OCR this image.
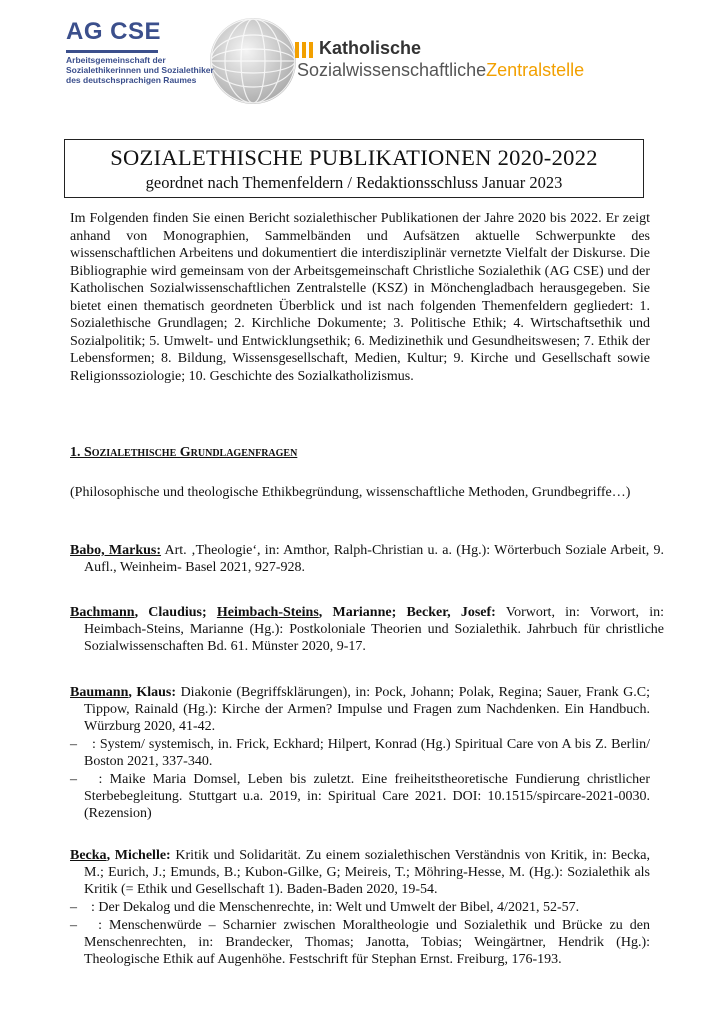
AG CSE
Arbeitsgemeinschaft der
Sozialethikerinnen und Sozialethiker
des deutschsprachigen Raumes
Katholische
SozialwissenschaftlicheZentralstelle
SOZIALETHISCHE PUBLIKATIONEN 2020-2022
geordnet nach Themenfeldern / Redaktionsschluss Januar 2023
Im Folgenden finden Sie einen Bericht sozialethischer Publikationen der Jahre 2020 bis 2022. Er zeigt anhand von Monographien, Sammelbänden und Aufsätzen aktuelle Schwerpunkte des wissenschaftlichen Arbeitens und dokumentiert die interdisziplinär vernetzte Vielfalt der Diskurse. Die Bibliographie wird gemeinsam von der Arbeitsgemeinschaft Christliche Sozialethik (AG CSE) und der Katholischen Sozialwissenschaftlichen Zentralstelle (KSZ) in Mönchengladbach herausgegeben. Sie bietet einen thematisch geordneten Überblick und ist nach folgenden Themenfeldern gegliedert: 1. Sozialethische Grundlagen; 2. Kirchliche Dokumente; 3. Politische Ethik; 4. Wirtschaftsethik und Sozialpolitik; 5. Umwelt- und Entwicklungsethik; 6. Medizinethik und Gesundheitswesen; 7. Ethik der Lebensformen; 8. Bildung, Wissensgesellschaft, Medien, Kultur; 9. Kirche und Gesellschaft sowie Religionssoziologie; 10. Geschichte des Sozialkatholizismus.
1. Sozialethische Grundlagenfragen
(Philosophische und theologische Ethikbegründung, wissenschaftliche Methoden, Grundbegriffe…)
Babo, Markus: Art. ‚Theologie‘, in: Amthor, Ralph-Christian u. a. (Hg.): Wörterbuch Soziale Arbeit, 9. Aufl., Weinheim- Basel 2021, 927-928.
Bachmann, Claudius; Heimbach-Steins, Marianne; Becker, Josef: Vorwort, in: Vorwort, in: Heimbach-Steins, Marianne (Hg.): Postkoloniale Theorien und Sozialethik. Jahrbuch für christliche Sozialwissenschaften Bd. 61. Münster 2020, 9-17.
Baumann, Klaus: Diakonie (Begriffsklärungen), in: Pock, Johann; Polak, Regina; Sauer, Frank G.C; Tippow, Rainald (Hg.): Kirche der Armen? Impulse und Fragen zum Nachdenken. Ein Handbuch. Würzburg 2020, 41-42.
– : System/ systemisch, in. Frick, Eckhard; Hilpert, Konrad (Hg.) Spiritual Care von A bis Z. Berlin/ Boston 2021, 337-340.
– : Maike Maria Domsel, Leben bis zuletzt. Eine freiheitstheoretische Fundierung christlicher Sterbebegleitung. Stuttgart u.a. 2019, in: Spiritual Care 2021. DOI: 10.1515/spircare-2021-0030. (Rezension)
Becka, Michelle: Kritik und Solidarität. Zu einem sozialethischen Verständnis von Kritik, in: Becka, M.; Eurich, J.; Emunds, B.; Kubon-Gilke, G; Meireis, T.; Möhring-Hesse, M. (Hg.): Sozialethik als Kritik (= Ethik und Gesellschaft 1). Baden-Baden 2020, 19-54.
– : Der Dekalog und die Menschenrechte, in: Welt und Umwelt der Bibel, 4/2021, 52-57.
– : Menschenwürde – Scharnier zwischen Moraltheologie und Sozialethik und Brücke zu den Menschenrechten, in: Brandecker, Thomas; Janotta, Tobias; Weingärtner, Hendrik (Hg.): Theologische Ethik auf Augenhöhe. Festschrift für Stephan Ernst. Freiburg, 176-193.
